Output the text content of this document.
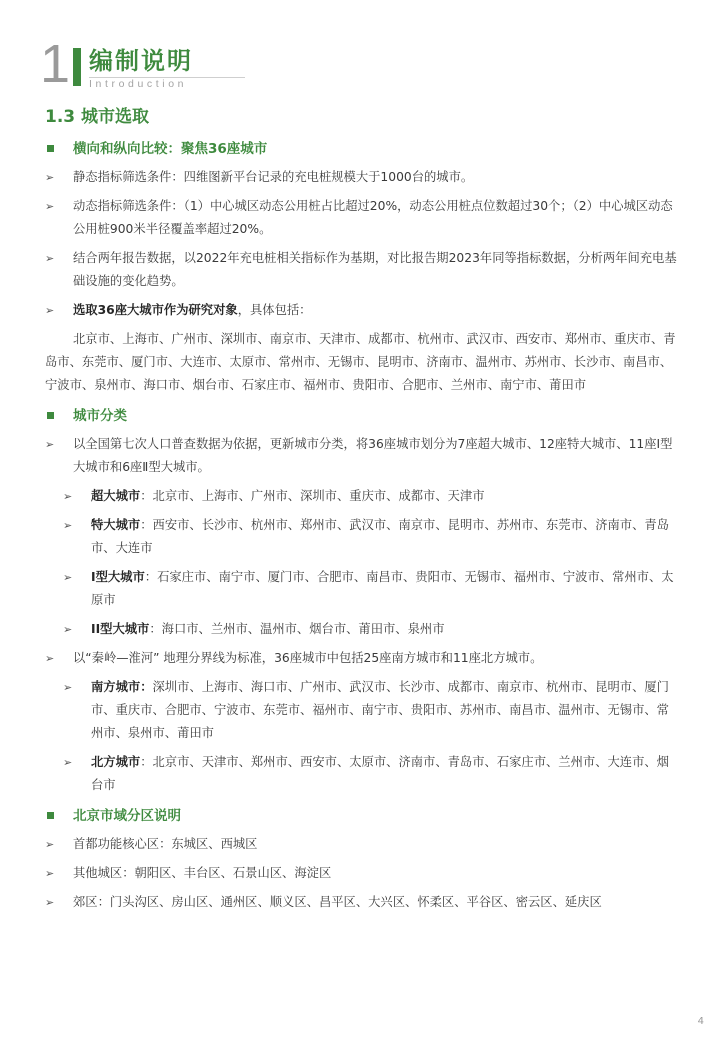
1 编制说明
Introduction
1.3 城市选取
横向和纵向比较：聚焦36座城市
➢ 静态指标筛选条件：四维图新平台记录的充电桩规模大于1000台的城市。
➢ 动态指标筛选条件：（1）中心城区动态公用桩占比超过20%，动态公用桩点位数超过30个；（2）中心城区动态公用桩900米半径覆盖率超过20%。
➢ 结合两年报告数据，以2022年充电桩相关指标作为基期，对比报告期2023年同等指标数据，分析两年间充电基础设施的变化趋势。
➢ 选取36座大城市作为研究对象，具体包括：
北京市、上海市、广州市、深圳市、南京市、天津市、成都市、杭州市、武汉市、西安市、郑州市、重庆市、青岛市、东莞市、厦门市、大连市、太原市、常州市、无锡市、昆明市、济南市、温州市、苏州市、长沙市、南昌市、宁波市、泉州市、海口市、烟台市、石家庄市、福州市、贵阳市、合肥市、兰州市、南宁市、莆田市
城市分类
➢ 以全国第七次人口普查数据为依据，更新城市分类，将36座城市划分为7座超大城市、12座特大城市、11座Ⅰ型大城市和6座Ⅱ型大城市。
➢ 超大城市：北京市、上海市、广州市、深圳市、重庆市、成都市、天津市
➢ 特大城市：西安市、长沙市、杭州市、郑州市、武汉市、南京市、昆明市、苏州市、东莞市、济南市、青岛市、大连市
➢ I型大城市：石家庄市、南宁市、厦门市、合肥市、南昌市、贵阳市、无锡市、福州市、宁波市、常州市、太原市
➢ II型大城市：海口市、兰州市、温州市、烟台市、莆田市、泉州市
➢ 以“秦岭—淮河” 地理分界线为标准，36座城市中包括25座南方城市和11座北方城市。
➢ 南方城市：深圳市、上海市、海口市、广州市、武汉市、长沙市、成都市、南京市、杭州市、昆明市、厦门市、重庆市、合肥市、宁波市、东莞市、福州市、南宁市、贵阳市、苏州市、南昌市、温州市、无锡市、常州市、泉州市、莆田市
➢ 北方城市：北京市、天津市、郑州市、西安市、太原市、济南市、青岛市、石家庄市、兰州市、大连市、烟台市
北京市域分区说明
➢ 首都功能核心区：东城区、西城区
➢ 其他城区：朝阳区、丰台区、石景山区、海淀区
➢ 郊区：门头沟区、房山区、通州区、顺义区、昌平区、大兴区、怀柔区、平谷区、密云区、延庆区
4
